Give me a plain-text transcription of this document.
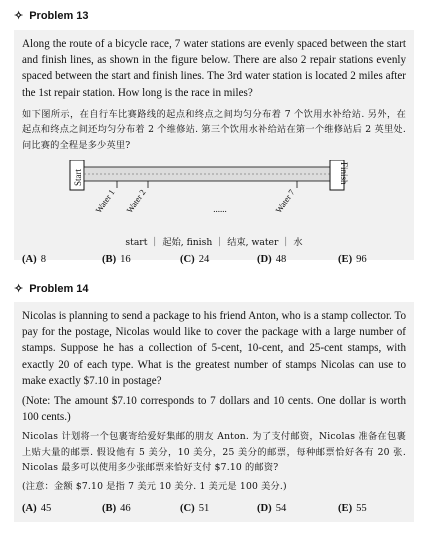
✧ Problem 13

Along the route of a bicycle race, 7 water stations are evenly spaced between the start and finish lines, as shown in the figure below. There are also 2 repair stations evenly spaced between the start and finish lines. The 3rd water station is located 2 miles after the 1st repair station. How long is the race in miles?

如下图所示，在自行车比赛路线的起点和终点之间均匀分布着 7 个饮用水补给站. 另外，在起点和终点之间还均匀分布着 2 个维修站. 第三个饮用水补给站在第一个维修站后 2 英里处. 问比赛的全程是多少英里?

Start	Finish
Water 1 Water 2	Water 7
......
start ｜ 起始, finish ｜ 结束, water ｜ 水
(A) 8	(B) 16	(C) 24	(D) 48	(E) 96
✧ Problem 14

Nicolas is planning to send a package to his friend Anton, who is a stamp collector. To pay for the postage, Nicolas would like to cover the package with a large number of stamps. Suppose he has a collection of 5-cent, 10-cent, and 25-cent stamps, with exactly 20 of each type. What is the greatest number of stamps Nicolas can use to make exactly $7.10 in postage?

(Note: The amount $7.10 corresponds to 7 dollars and 10 cents. One dollar is worth 100 cents.)

Nicolas 计划将一个包裹寄给爱好集邮的朋友 Anton. 为了支付邮资，Nicolas 准备在包裹上贴大量的邮票. 假设他有 5 美分，10 美分，25 美分的邮票，每种邮票恰好各有 20 张. Nicolas 最多可以使用多少张邮票来恰好支付 $7.10 的邮资?

(注意：金额 $7.10 是指 7 美元 10 美分. 1 美元是 100 美分.)

(A) 45	(B) 46	(C) 51	(D) 54	(E) 55
